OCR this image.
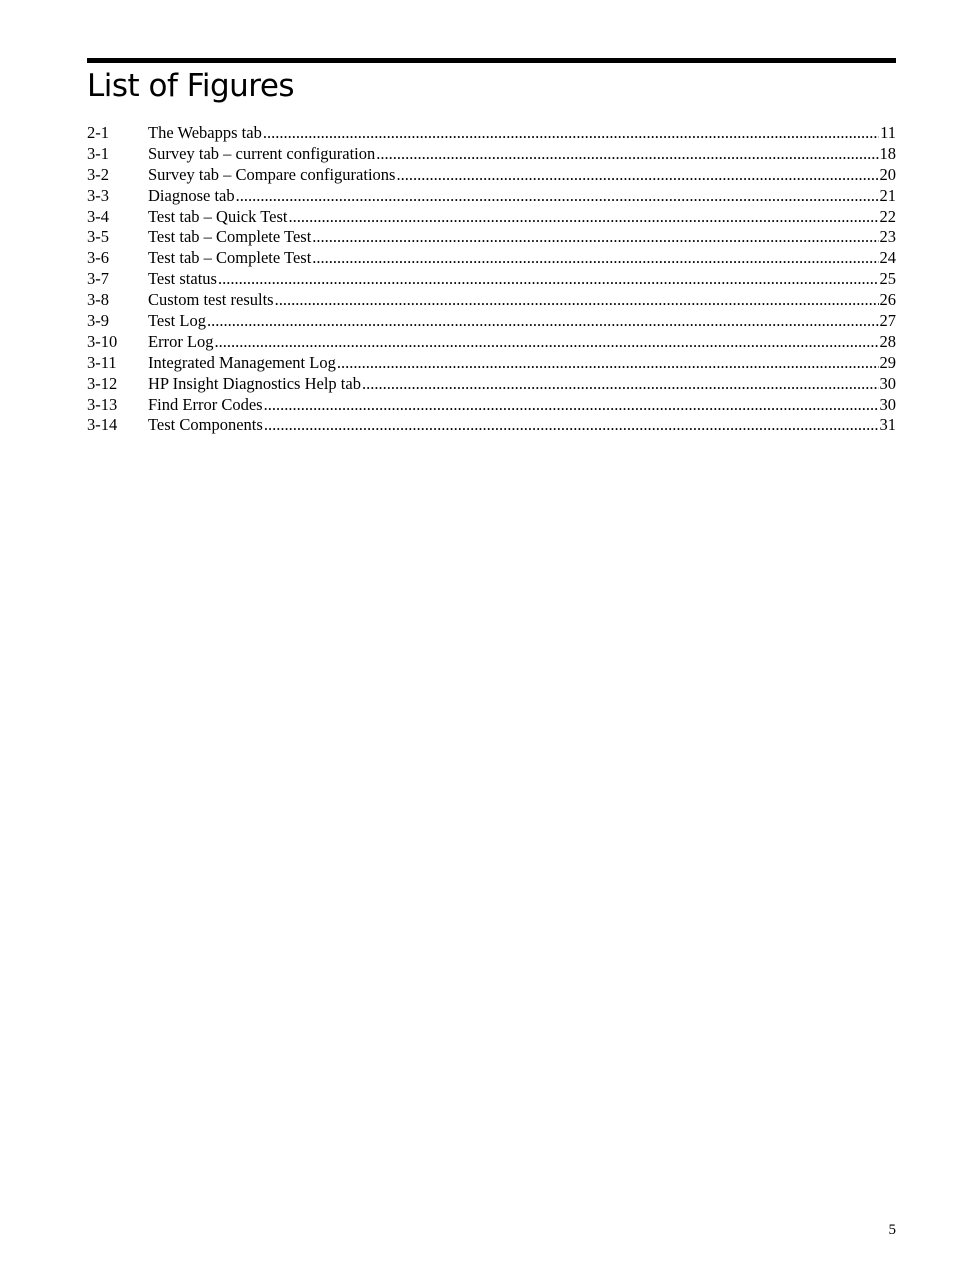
List of Figures
2-1	The Webapps tab .....	11
3-1	Survey tab – current configuration .....	18
3-2	Survey tab – Compare configurations .....	20
3-3	Diagnose tab .....	21
3-4	Test tab – Quick Test .....	22
3-5	Test tab – Complete Test .....	23
3-6	Test tab – Complete Test .....	24
3-7	Test status .....	25
3-8	Custom test results .....	26
3-9	Test Log .....	27
3-10	Error Log .....	28
3-11	Integrated Management Log .....	29
3-12	HP Insight Diagnostics Help tab .....	30
3-13	Find Error Codes .....	30
3-14	Test Components .....	31
5
